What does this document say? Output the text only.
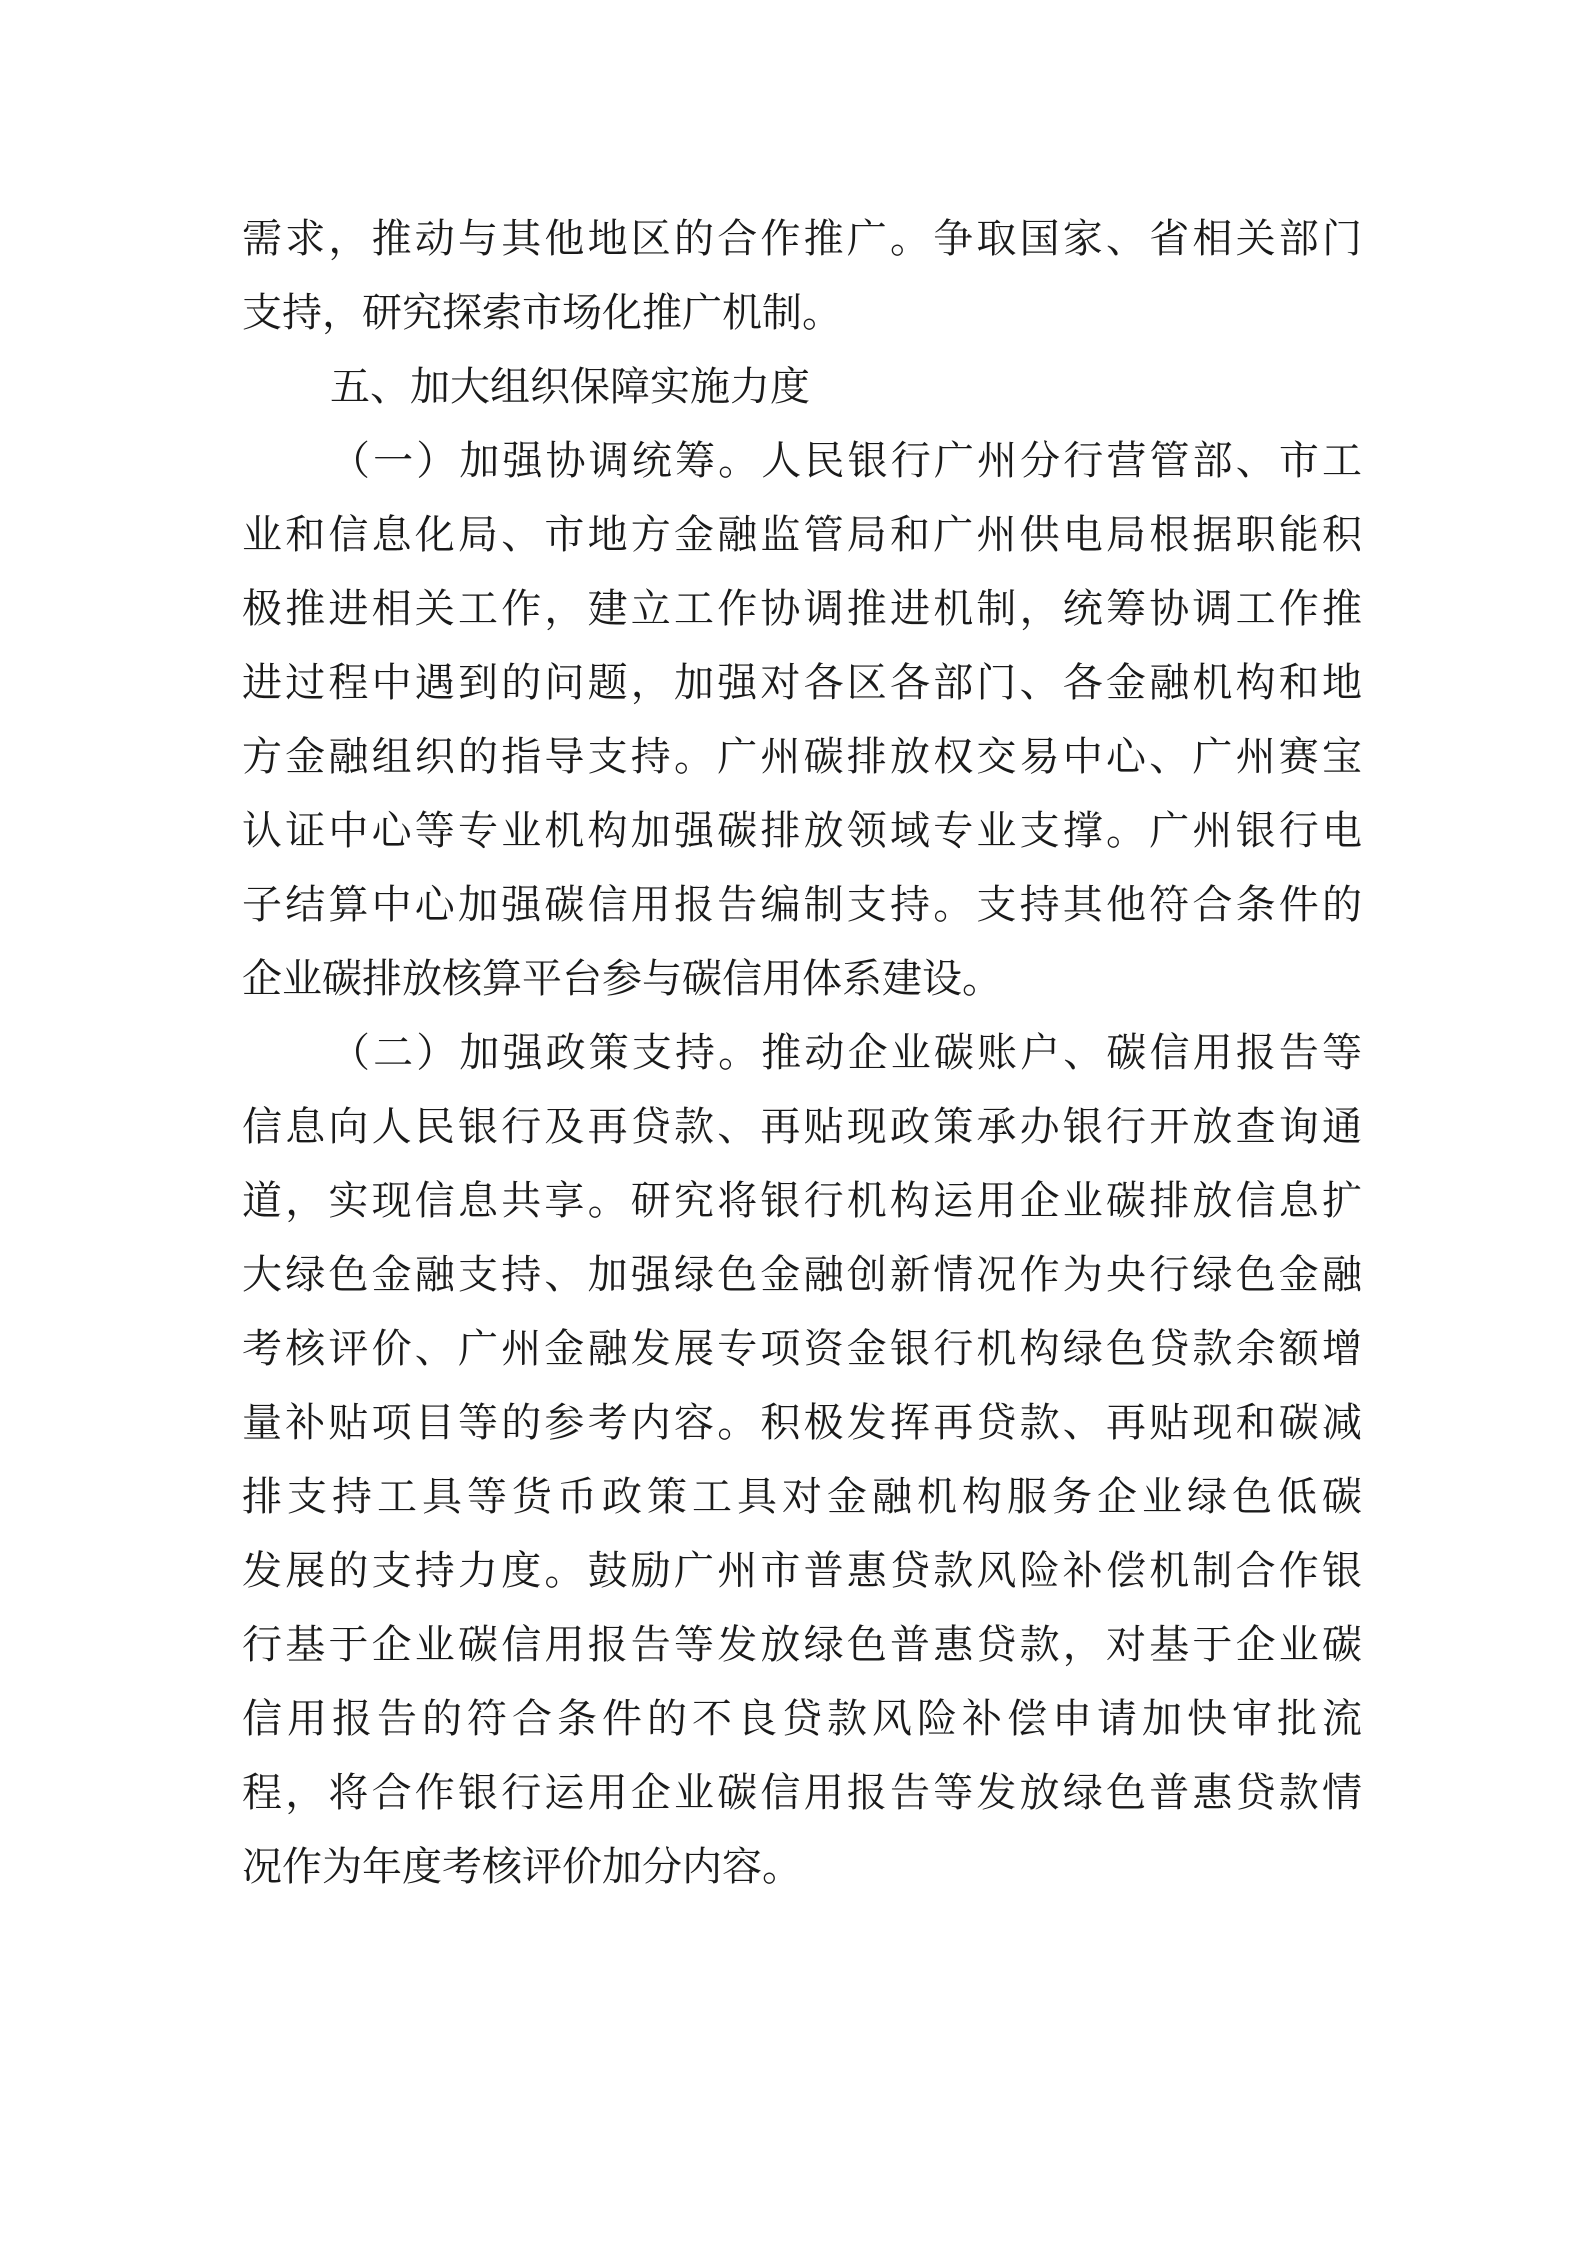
需求，推动与其他地区的合作推广。争取国家、省相关部门
支持，研究探索市场化推广机制。
五、加大组织保障实施力度
（一）加强协调统筹。人民银行广州分行营管部、市工
业和信息化局、市地方金融监管局和广州供电局根据职能积
极推进相关工作，建立工作协调推进机制，统筹协调工作推
进过程中遇到的问题，加强对各区各部门、各金融机构和地
方金融组织的指导支持。广州碳排放权交易中心、广州赛宝
认证中心等专业机构加强碳排放领域专业支撑。广州银行电
子结算中心加强碳信用报告编制支持。支持其他符合条件的
企业碳排放核算平台参与碳信用体系建设。
（二）加强政策支持。推动企业碳账户、碳信用报告等
信息向人民银行及再贷款、再贴现政策承办银行开放查询通
道，实现信息共享。研究将银行机构运用企业碳排放信息扩
大绿色金融支持、加强绿色金融创新情况作为央行绿色金融
考核评价、广州金融发展专项资金银行机构绿色贷款余额增
量补贴项目等的参考内容。积极发挥再贷款、再贴现和碳减
排支持工具等货币政策工具对金融机构服务企业绿色低碳
发展的支持力度。鼓励广州市普惠贷款风险补偿机制合作银
行基于企业碳信用报告等发放绿色普惠贷款，对基于企业碳
信用报告的符合条件的不良贷款风险补偿申请加快审批流
程，将合作银行运用企业碳信用报告等发放绿色普惠贷款情
况作为年度考核评价加分内容。
